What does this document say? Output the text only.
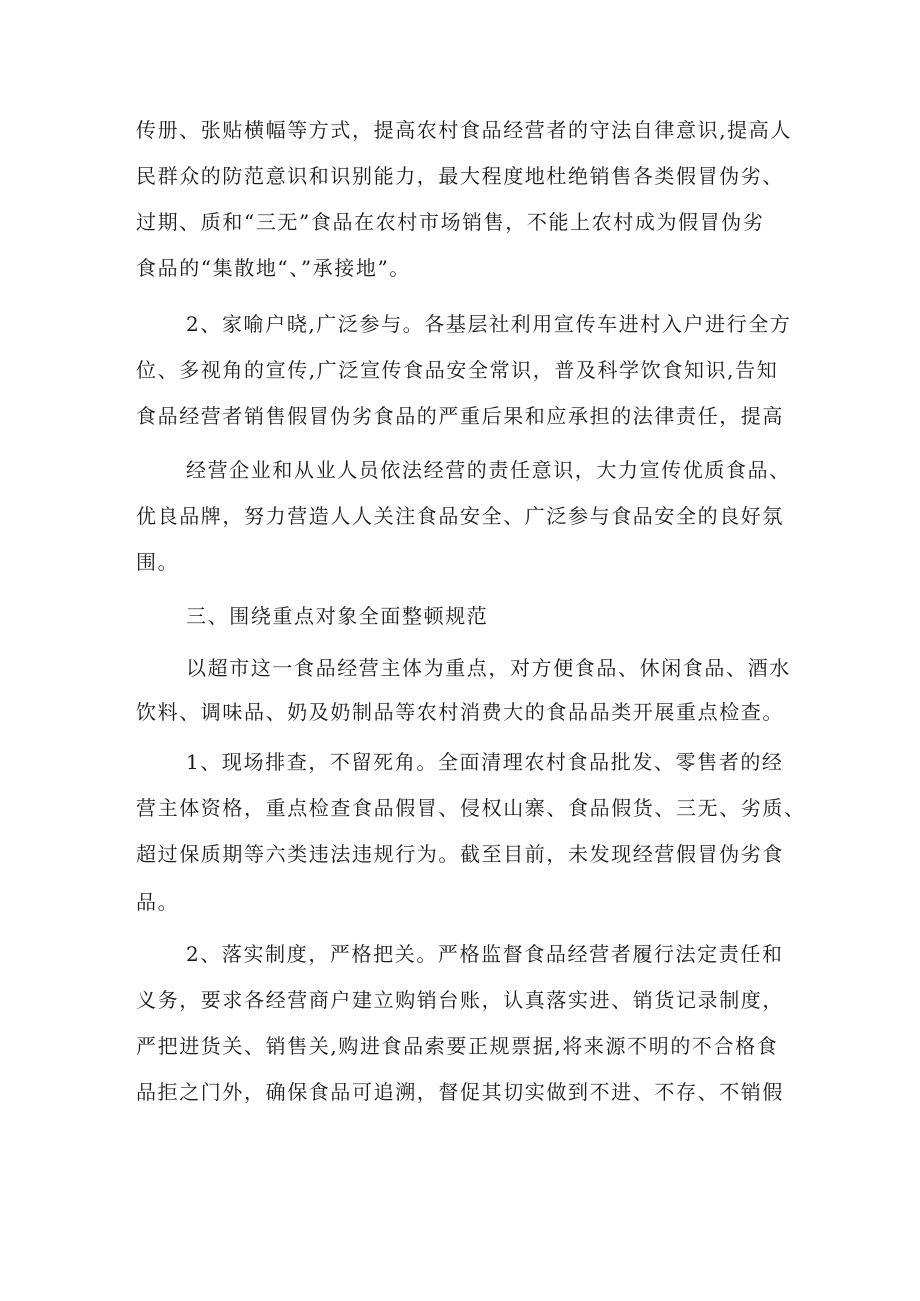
传册、张贴横幅等方式，提高农村食品经营者的守法自律意识,提高人
民群众的防范意识和识别能力，最大程度地杜绝销售各类假冒伪劣、
过期、质和“三无”食品在农村市场销售，不能上农村成为假冒伪劣
食品的“集散地“、”承接地”。
2、家喻户晓,广泛参与。各基层社利用宣传车进村入户进行全方
位、多视角的宣传,广泛宣传食品安全常识，普及科学饮食知识,告知
食品经营者销售假冒伪劣食品的严重后果和应承担的法律责任，提高
经营企业和从业人员依法经营的责任意识，大力宣传优质食品、
优良品牌，努力营造人人关注食品安全、广泛参与食品安全的良好氛
围。
三、围绕重点对象全面整顿规范
以超市这一食品经营主体为重点，对方便食品、休闲食品、酒水
饮料、调味品、奶及奶制品等农村消费大的食品品类开展重点检查。
1、现场排查，不留死角。全面清理农村食品批发、零售者的经
营主体资格，重点检查食品假冒、侵权山寨、食品假货、三无、劣质、
超过保质期等六类违法违规行为。截至目前，未发现经营假冒伪劣食
品。
2、落实制度，严格把关。严格监督食品经营者履行法定责任和
义务，要求各经营商户建立购销台账，认真落实进、销货记录制度，
严把进货关、销售关,购进食品索要正规票据,将来源不明的不合格食
品拒之门外，确保食品可追溯，督促其切实做到不进、不存、不销假
